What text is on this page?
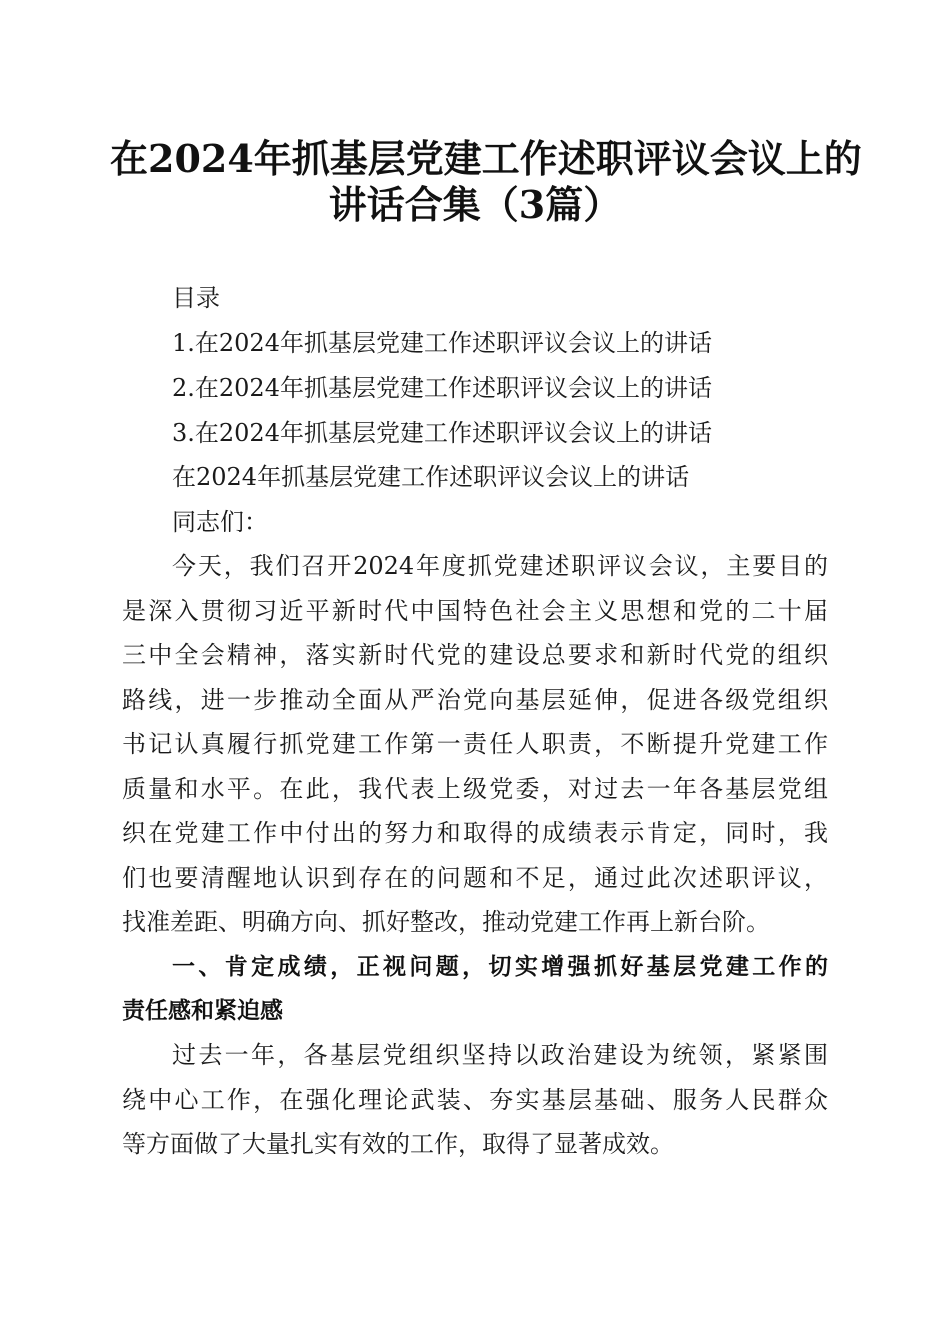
在2024年抓基层党建工作述职评议会议上的
讲话合集（3篇）
目录
1.在2024年抓基层党建工作述职评议会议上的讲话
2.在2024年抓基层党建工作述职评议会议上的讲话
3.在2024年抓基层党建工作述职评议会议上的讲话
在2024年抓基层党建工作述职评议会议上的讲话
同志们：
今天，我们召开2024年度抓党建述职评议会议，主要目的
是深入贯彻习近平新时代中国特色社会主义思想和党的二十届
三中全会精神，落实新时代党的建设总要求和新时代党的组织
路线，进一步推动全面从严治党向基层延伸，促进各级党组织
书记认真履行抓党建工作第一责任人职责，不断提升党建工作
质量和水平。在此，我代表上级党委，对过去一年各基层党组
织在党建工作中付出的努力和取得的成绩表示肯定，同时，我
们也要清醒地认识到存在的问题和不足，通过此次述职评议，
找准差距、明确方向、抓好整改，推动党建工作再上新台阶。
一、肯定成绩，正视问题，切实增强抓好基层党建工作的
责任感和紧迫感
过去一年，各基层党组织坚持以政治建设为统领，紧紧围
绕中心工作，在强化理论武装、夯实基层基础、服务人民群众
等方面做了大量扎实有效的工作，取得了显著成效。
